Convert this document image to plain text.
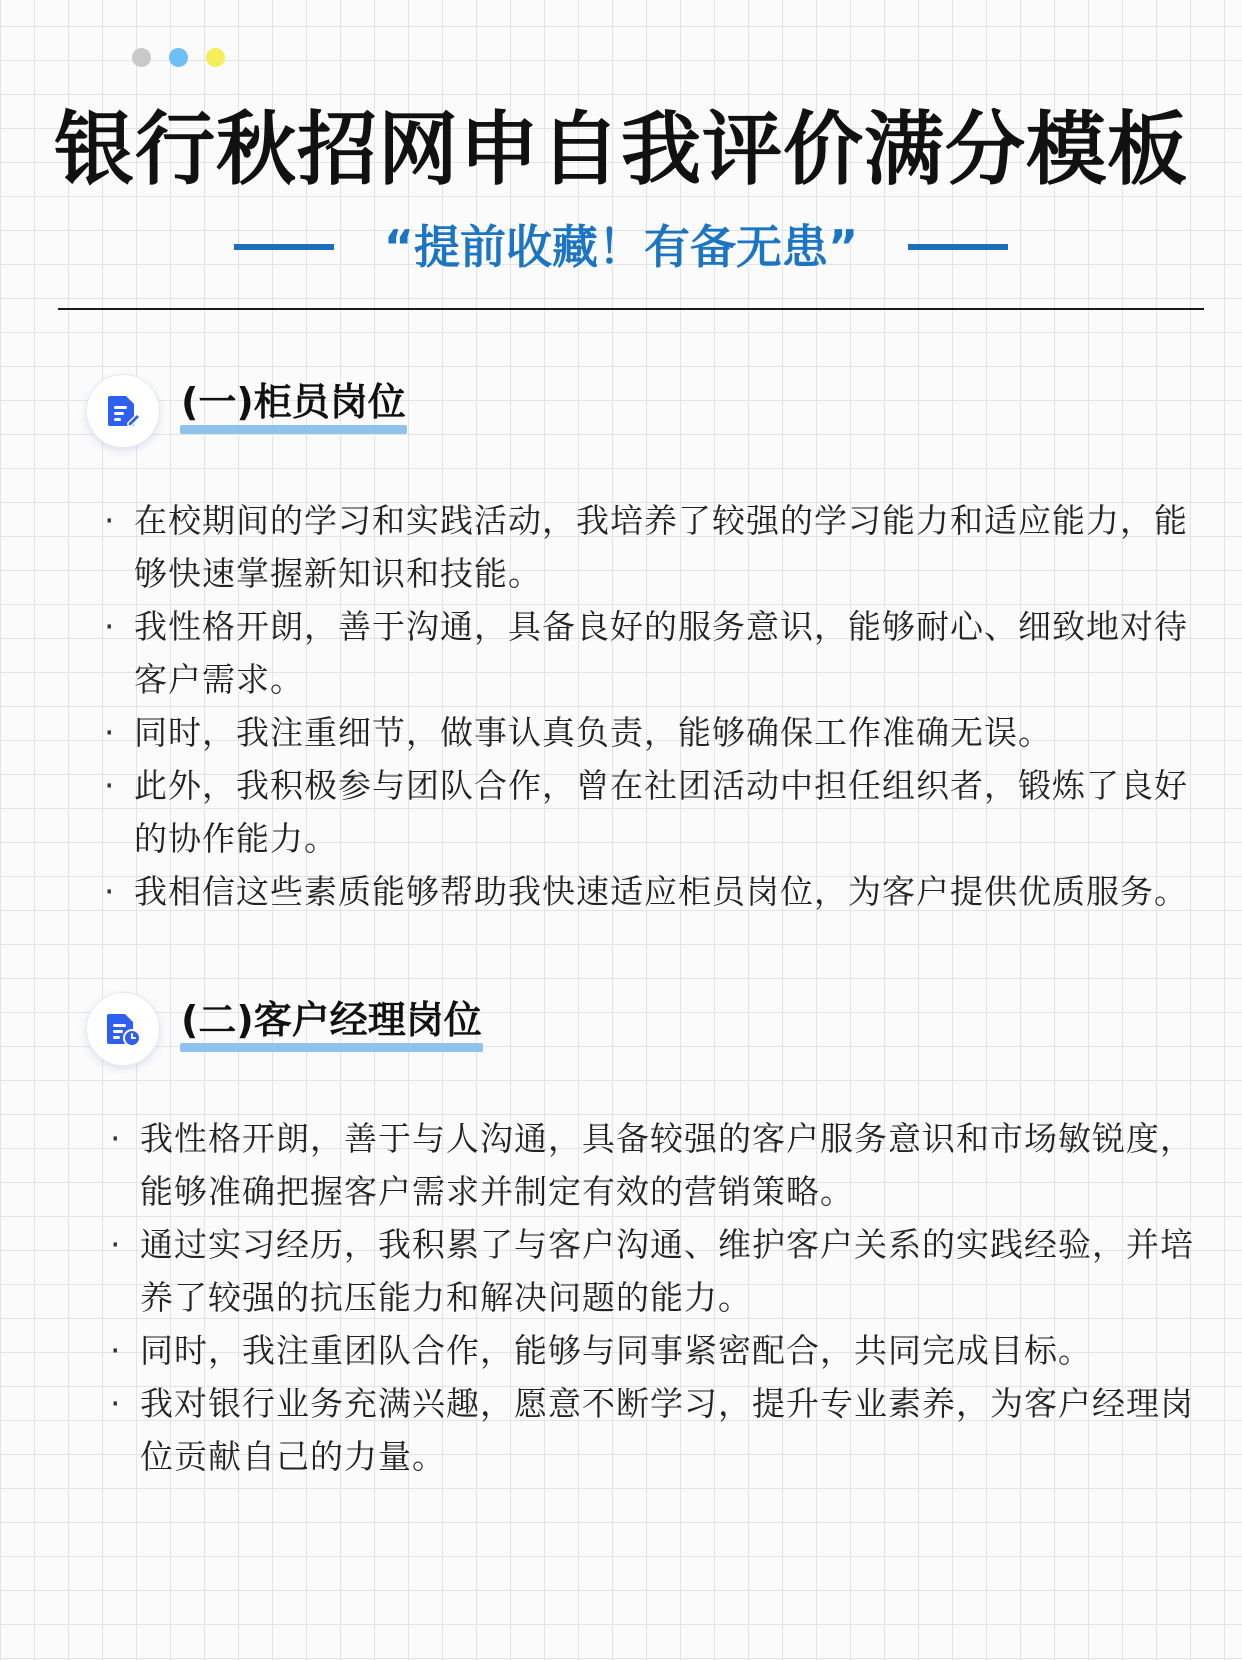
银行秋招网申自我评价满分模板
“提前收藏！有备无患”
(一)柜员岗位
· 在校期间的学习和实践活动，我培养了较强的学习能力和适应能力，能够快速掌握新知识和技能。
· 我性格开朗，善于沟通，具备良好的服务意识，能够耐心、细致地对待客户需求。
· 同时，我注重细节，做事认真负责，能够确保工作准确无误。
· 此外，我积极参与团队合作，曾在社团活动中担任组织者，锻炼了良好的协作能力。
· 我相信这些素质能够帮助我快速适应柜员岗位，为客户提供优质服务。
(二)客户经理岗位
· 我性格开朗，善于与人沟通，具备较强的客户服务意识和市场敏锐度，能够准确把握客户需求并制定有效的营销策略。
· 通过实习经历，我积累了与客户沟通、维护客户关系的实践经验，并培养了较强的抗压能力和解决问题的能力。
· 同时，我注重团队合作，能够与同事紧密配合，共同完成目标。
· 我对银行业务充满兴趣，愿意不断学习，提升专业素养，为客户经理岗位贡献自己的力量。
